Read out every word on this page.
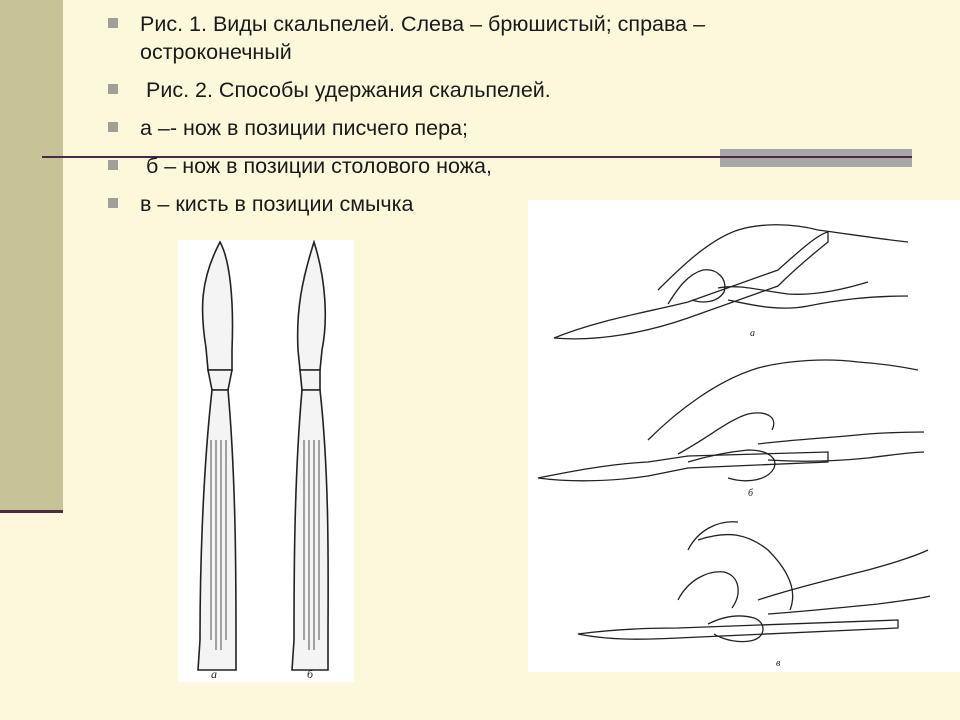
Рис. 1. Виды скальпелей. Слева – брюшистый; справа – остроконечный
Рис. 2. Способы удержания скальпелей.
а –- нож в позиции писчего пера;
б – нож в позиции столового ножа,
в – кисть в позиции смычка
а	б
а
б
в
